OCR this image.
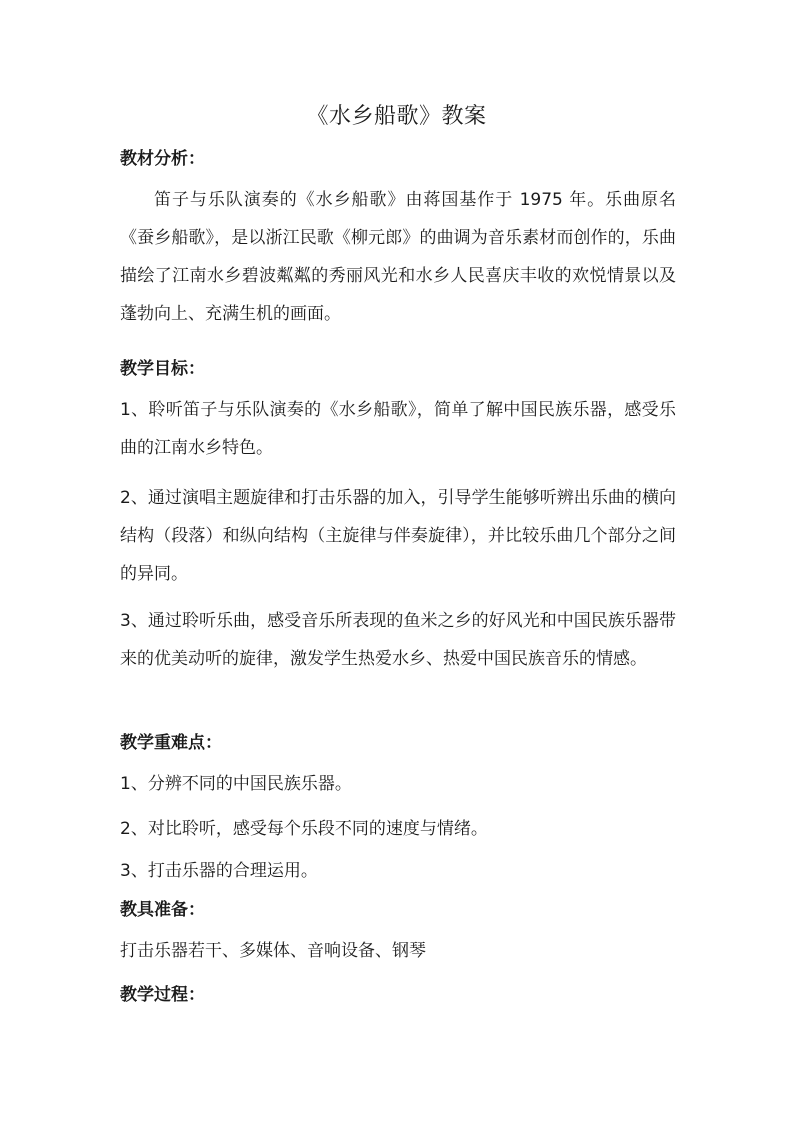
《水乡船歌》教案
教材分析：
笛子与乐队演奏的《水乡船歌》由蒋国基作于 1975 年。乐曲原名《蚕乡船歌》，是以浙江民歌《柳元郎》的曲调为音乐素材而创作的，乐曲描绘了江南水乡碧波粼粼的秀丽风光和水乡人民喜庆丰收的欢悦情景以及蓬勃向上、充满生机的画面。
教学目标：
1、聆听笛子与乐队演奏的《水乡船歌》，简单了解中国民族乐器，感受乐曲的江南水乡特色。
2、通过演唱主题旋律和打击乐器的加入，引导学生能够听辨出乐曲的横向结构（段落）和纵向结构（主旋律与伴奏旋律），并比较乐曲几个部分之间的异同。
3、通过聆听乐曲，感受音乐所表现的鱼米之乡的好风光和中国民族乐器带来的优美动听的旋律，激发学生热爱水乡、热爱中国民族音乐的情感。
教学重难点：
1、分辨不同的中国民族乐器。
2、对比聆听，感受每个乐段不同的速度与情绪。
3、打击乐器的合理运用。
教具准备：
打击乐器若干、多媒体、音响设备、钢琴
教学过程：
